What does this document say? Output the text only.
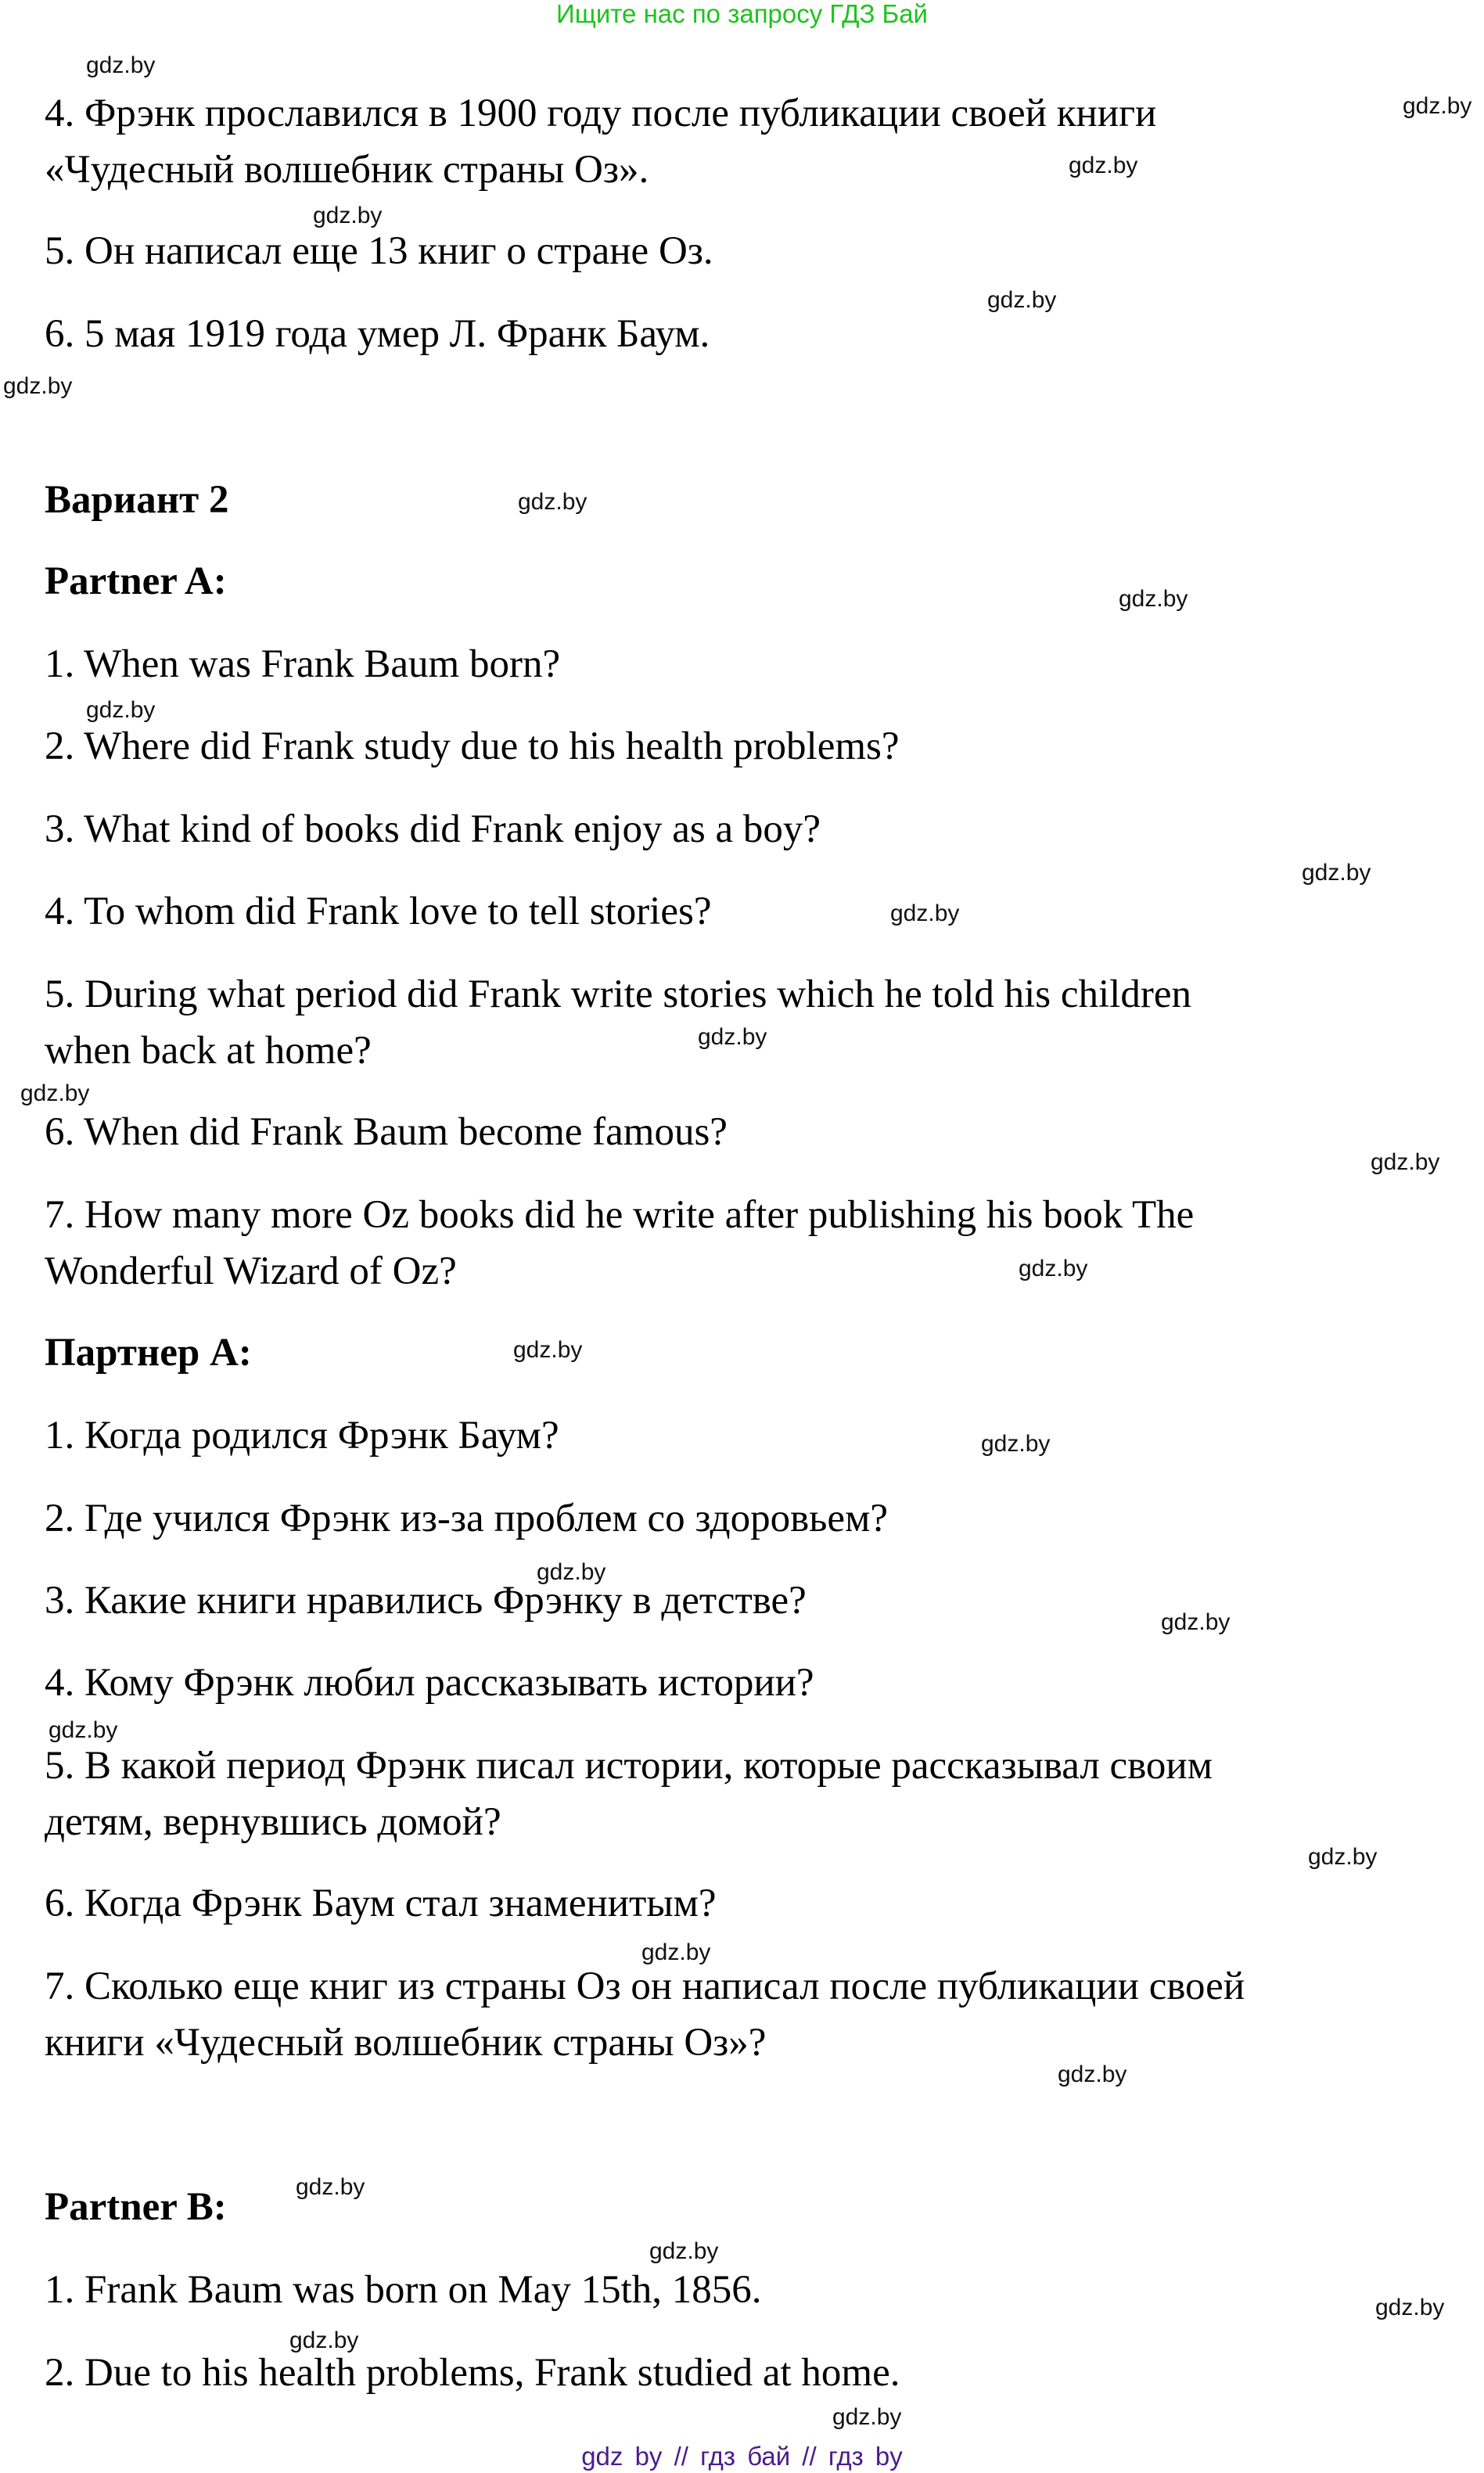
Ищите нас по запросу ГДЗ Бай
4. Фрэнк прославился в 1900 году после публикации своей книги
«Чудесный волшебник страны Оз».
5. Он написал еще 13 книг о стране Оз.
6. 5 мая 1919 года умер Л. Франк Баум.
Вариант 2
Partner A:
1. When was Frank Baum born?
2. Where did Frank study due to his health problems?
3. What kind of books did Frank enjoy as a boy?
4. To whom did Frank love to tell stories?
5. During what period did Frank write stories which he told his children
when back at home?
6. When did Frank Baum become famous?
7. How many more Oz books did he write after publishing his book The
Wonderful Wizard of Oz?
Партнер А:
1. Когда родился Фрэнк Баум?
2. Где учился Фрэнк из-за проблем со здоровьем?
3. Какие книги нравились Фрэнку в детстве?
4. Кому Фрэнк любил рассказывать истории?
5. В какой период Фрэнк писал истории, которые рассказывал своим
детям, вернувшись домой?
6. Когда Фрэнк Баум стал знаменитым?
7. Сколько еще книг из страны Оз он написал после публикации своей
книги «Чудесный волшебник страны Оз»?
Partner B:
1. Frank Baum was born on May 15th, 1856.
2. Due to his health problems, Frank studied at home.
gdz.by
gdz.by
gdz.by
gdz.by
gdz.by
gdz.by
gdz.by
gdz.by
gdz.by
gdz.by
gdz.by
gdz.by
gdz.by
gdz.by
gdz.by
gdz.by
gdz.by
gdz.by
gdz.by
gdz.by
gdz.by
gdz.by
gdz.by
gdz.by
gdz.by
gdz.by
gdz.by
gdz.by
gdz by // гдз бай // гдз by
